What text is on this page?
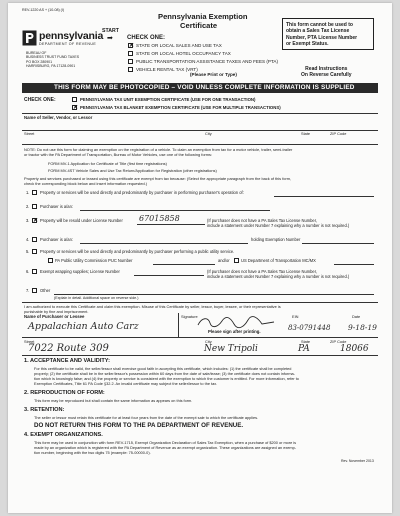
REV-1220 AS + (10-08) (I)
pennsylvania
DEPARTMENT OF REVENUE
BUREAU OF
BUSINESS TRUST FUND TAXES
PO BOX 280901
HARRISBURG, PA 17128-0901
START
➡
Pennsylvania Exemption
Certificate
CHECK ONE:
✕ STATE OR LOCAL SALES AND USE TAX
STATE OR LOCAL HOTEL OCCUPANCY TAX
PUBLIC TRANSPORTATION ASSISTANCE TAXES AND FEES (PTA)
VEHICLE RENTAL TAX (VRT)
(Please Print or Type)
This form cannot be used to
obtain a Sales Tax License
Number, PTA License Number
or Exempt Status.
Read Instructions
On Reverse Carefully
THIS FORM MAY BE PHOTOCOPIED – VOID UNLESS COMPLETE INFORMATION IS SUPPLIED
CHECK ONE:	PENNSYLVANIA TAX UNIT EXEMPTION CERTIFICATE (USE FOR ONE TRANSACTION)
✕ PENNSYLVANIA TAX BLANKET EXEMPTION CERTIFICATE (USE FOR MULTIPLE TRANSACTIONS)
Name of Seller, Vendor, or Lessor
Street	City	State	ZIP Code
NOTE: Do not use this form for claiming an exemption on the registration of a vehicle. To claim an exemption from tax for a motor vehicle, trailer, semi-trailer
or tractor with the PA Department of Transportation, Bureau of Motor Vehicles, use one of the following forms:
FORM MV-1 Application for Certificate of Title (first time registrations)
FORM MV-4ST Vehicle Sales and Use Tax Return/Application for Registration (other registrations)
Property and services purchased or leased using this certificate are exempt from tax because: (Select the appropriate paragraph from the back of this form,
check the corresponding block below and insert information requested.)
1.	Property or services will be used directly and predominantly by purchaser in performing purchaser's operation of:
2.	Purchaser is a/an:
✕
3.	Property will be resold under License Number 67015858	(If purchaser does not have a PA Sales Tax License Number,
include a statement under Number 7 explaining why a number is not required.)
4.	Purchaser is a/an:	holding Exemption Number
5.	Property or services will be used directly and predominantly by purchaser performing a public utility service.
PA Public Utility Commission PUC Number	and/or	US Department of Transportation MC/MX
6.	Exempt wrapping supplies; License Number	(If purchaser does not have a PA Sales Tax License Number,
include a statement under Number 7 explaining why a number is not required.)
7.	Other
(Explain in detail. Additional space on reverse side.)
I am authorized to execute this Certificate and claim this exemption. Misuse of this Certificate by seller, lessor, buyer, lessee, or their representative is
punishable by fine and imprisonment.
Name of Purchaser or Lessee	Signature	EIN	Date
Appalachian Auto Carz	83-0791448 9-18-19
Please sign after printing.
7022 Route 309	New Tripoli	PA	18066
Street	City	State	ZIP Code
1. ACCEPTANCE AND VALIDITY:
For this certificate to be valid, the seller/lessor shall exercise good faith in accepting this certificate, which includes: (1) the certificate shall be completed
properly; (2) the certificate shall be in the seller/lessor's possession within 60 days from the date of sale/lease; (3) the certificate does not contain informa-
tion which is knowingly false; and (4) the property or service is consistent with the exemption to which the customer is entitled. For more information, refer to
Exemption Certificates, Title 61 PA Code §32.2. An invalid certificate may subject the seller/lessor to the tax.
2. REPRODUCTION OF FORM:
This form may be reproduced but shall contain the same information as appears on this form.
3. RETENTION:
The seller or lessor must retain this certificate for at least four years from the date of the exempt sale to which the certificate applies.
DO NOT RETURN THIS FORM TO THE PA DEPARTMENT OF REVENUE.
4. EXEMPT ORGANIZATIONS.
This form may be used in conjunction with form REV-1715, Exempt Organization Declaration of Sales Tax Exemption, when a purchase of $200 or more is
made by an organization which is registered with the PA Department of Revenue as an exempt organization. These organizations are assigned an exemp-
tion number, beginning with the two digits 75 (example: 75-00000-0).
Rev. November 2013
